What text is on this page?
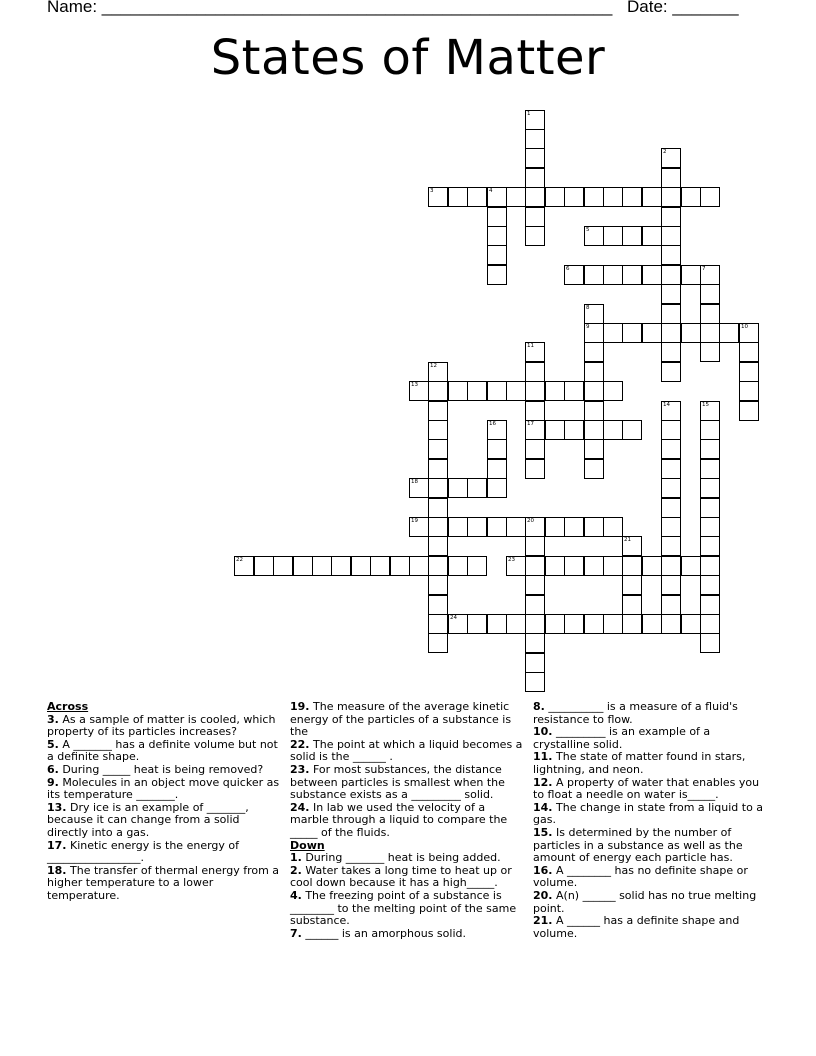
Name: ______________________________________________________ Date: _______
States of Matter
1
2
3	4
5
6	7
8
9	10
11
17
12
13
14	15
16
18
19	20
21
22	23
24
Across

3. As a sample of matter is cooled, which property of its particles increases?

5. A _______ has a definite volume but not a definite shape.

6. During _____ heat is being removed?

9. Molecules in an object move quicker as its temperature _______.

13. Dry ice is an example of _______, because it can change from a solid directly into a gas.

17. Kinetic energy is the energy of _________________.

18. The transfer of thermal energy from a higher temperature to a lower temperature.

19. The measure of the average kinetic energy of the particles of a substance is the

22. The point at which a liquid becomes a solid is the ______ .

23. For most substances, the distance between particles is smallest when the substance exists as a _________ solid.

24. In lab we used the velocity of a marble through a liquid to compare the _____ of the fluids.

Down

1. During _______ heat is being added.

2. Water takes a long time to heat up or cool down because it has a high_____.

4. The freezing point of a substance is ________ to the melting point of the same substance.

7. ______ is an amorphous solid.

8. __________ is a measure of a fluid's resistance to flow.

10. _________ is an example of a crystalline solid.

11. The state of matter found in stars, lightning, and neon.

12. A property of water that enables you to float a needle on water is_____.

14. The change in state from a liquid to a gas.

15. Is determined by the number of particles in a substance as well as the amount of energy each particle has.

16. A ________ has no definite shape or volume.

20. A(n) ______ solid has no true melting point.

21. A ______ has a definite shape and volume.
